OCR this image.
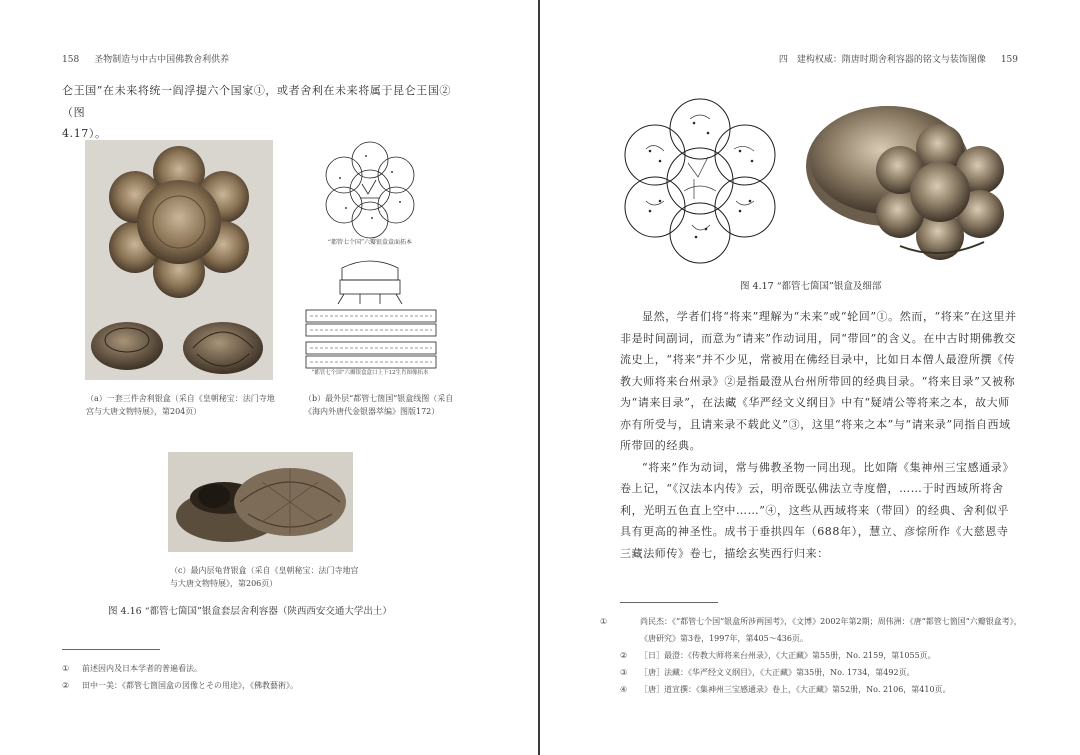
158 圣物制造与中古中国佛教舍利供养

仑王国”在未来将统一阎浮提六个国家①，或者舍利在未来将属于昆仑王国②（图

4.17）。

“都管七个国”六瓣银盒盒面拓本
“都管七个国”六瓣银盒盒口上下12生肖图像拓本
（a）一套三件舍利银盒（采自《皇朝秘宝：法门寺地宫与大唐文物特展》，第204页）
（b）最外层“都管七箇国”银盒线图（采自《海内外唐代金银器萃编》图版172）
（c）最内层龟背银盒（采自《皇朝秘宝：法门寺地宫与大唐文物特展》，第206页）
图 4.16 “都管七箇国”银盒套层舍利容器（陕西西安交通大学出土）
① 前述因内及日本学者的普遍看法。
② 田中一美：《都管七箇国盒の図像とその用途》，《佛教藝術》。
四　建构权威：隋唐时期舍利容器的铭文与装饰图像 159
图 4.17 “都管七箇国”银盒及细部

显然，学者们将“将来”理解为“未来”或“轮回”①。然而，“将来”在这里并非是时间副词，而意为“请来”作动词用，同“带回”的含义。在中古时期佛教交流史上，“将来”并不少见，常被用在佛经目录中，比如日本僧人最澄所撰《传教大师将来台州录》②是指最澄从台州所带回的经典目录。“将来目录”又被称为“请来目录”，在法藏《华严经文义纲目》中有“疑靖公等将来之本，故大师亦有所受与，且请来录不载此义”③，这里“将来之本”与“请来录”同指自西域所带回的经典。

“将来”作为动词，常与佛教圣物一同出现。比如隋《集神州三宝感通录》卷上记，“《汉法本内传》云，明帝既弘佛法立寺度僧，……于时西域所将舍利，光明五色直上空中……”④，这些从西域将来（带回）的经典、舍利似乎具有更高的神圣性。成书于垂拱四年（688年），慧立、彦悰所作《大慈恩寺三藏法师传》卷七，描绘玄奘西行归来：

①	尚民杰：《“都管七个国”银盒所涉两国考》，《文博》2002年第2期；周伟洲：《唐“都管七箇国”六瓣银盒考》，《唐研究》第3卷，1997年，第405～436页。
② ［日］最澄：《传教大师将来台州录》，《大正藏》第55册，No. 2159，第1055页。
③ ［唐］法藏：《华严经文义纲目》，《大正藏》第35册，No. 1734，第492页。
④ ［唐］道宣撰：《集神州三宝感通录》卷上，《大正藏》第52册，No. 2106，第410页。
